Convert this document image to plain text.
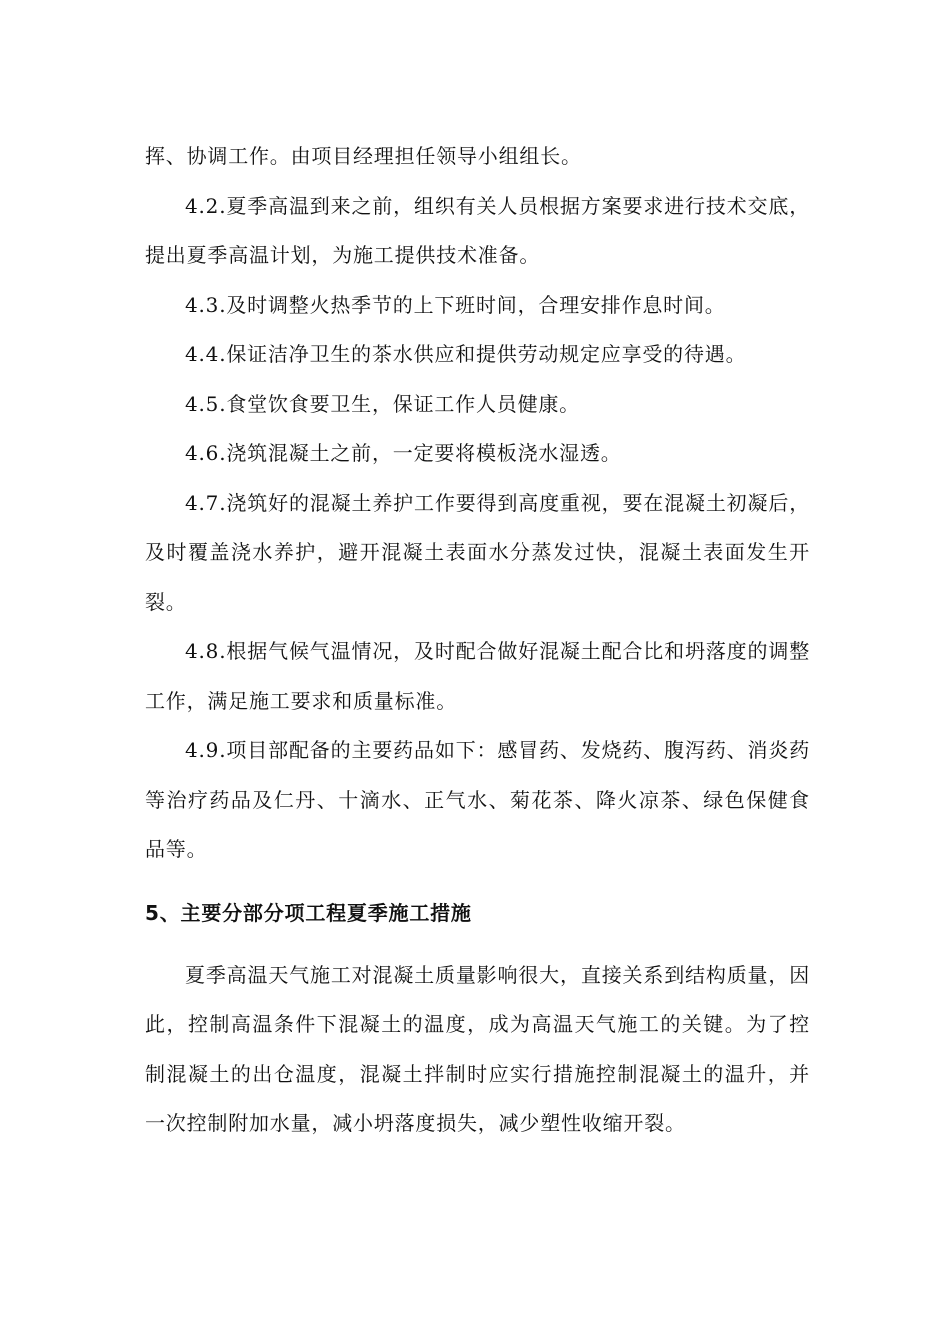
挥、协调工作。由项目经理担任领导小组组长。

4.2.夏季高温到来之前，组织有关人员根据方案要求进行技术交底，提出夏季高温计划，为施工提供技术准备。

4.3.及时调整火热季节的上下班时间，合理安排作息时间。

4.4.保证洁净卫生的茶水供应和提供劳动规定应享受的待遇。

4.5.食堂饮食要卫生，保证工作人员健康。

4.6.浇筑混凝土之前，一定要将模板浇水湿透。

4.7.浇筑好的混凝土养护工作要得到高度重视，要在混凝土初凝后，及时覆盖浇水养护，避开混凝土表面水分蒸发过快，混凝土表面发生开裂。

4.8.根据气候气温情况，及时配合做好混凝土配合比和坍落度的调整工作，满足施工要求和质量标准。

4.9.项目部配备的主要药品如下：感冒药、发烧药、腹泻药、消炎药等治疗药品及仁丹、十滴水、正气水、菊花茶、降火凉茶、绿色保健食品等。

5、主要分部分项工程夏季施工措施

夏季高温天气施工对混凝土质量影响很大，直接关系到结构质量，因此，控制高温条件下混凝土的温度，成为高温天气施工的关键。为了控制混凝土的出仓温度，混凝土拌制时应实行措施控制混凝土的温升，并一次控制附加水量，减小坍落度损失，减少塑性收缩开裂。
